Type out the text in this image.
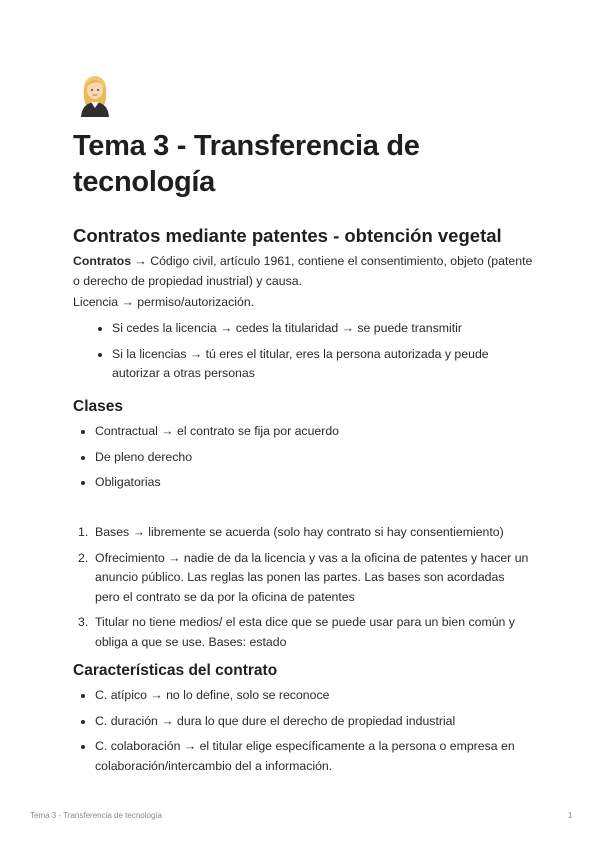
Tema 3 - Transferencia de tecnología
Contratos mediante patentes - obtención vegetal

Contratos → Código civil, artículo 1961, contiene el consentimiento, objeto (patente o derecho de propiedad inustrial) y causa.

Licencia → permiso/autorización.

Si cedes la licencia → cedes la titularidad → se puede transmitir
Si la licencias → tú eres el titular, eres la persona autorizada y peude autorizar a otras personas
Clases
Contractual → el contrato se fija por acuerdo
De pleno derecho
Obligatorias
1. Bases → libremente se acuerda (solo hay contrato si hay consentiemiento)
2. Ofrecimiento → nadie de da la licencia y vas a la oficina de patentes y hacer un anuncio público. Las reglas las ponen las partes. Las bases son acordadas pero el contrato se da por la oficina de patentes
3. Titular no tiene medios/ el esta dice que se puede usar para un bien común y obliga a que se use. Bases: estado
Características del contrato
C. atípico → no lo define, solo se reconoce
C. duración → dura lo que dure el derecho de propiedad industrial
C. colaboración → el titular elige específicamente a la persona o empresa en colaboración/intercambio del a información.
Tema 3 - Transferencia de tecnología	1
